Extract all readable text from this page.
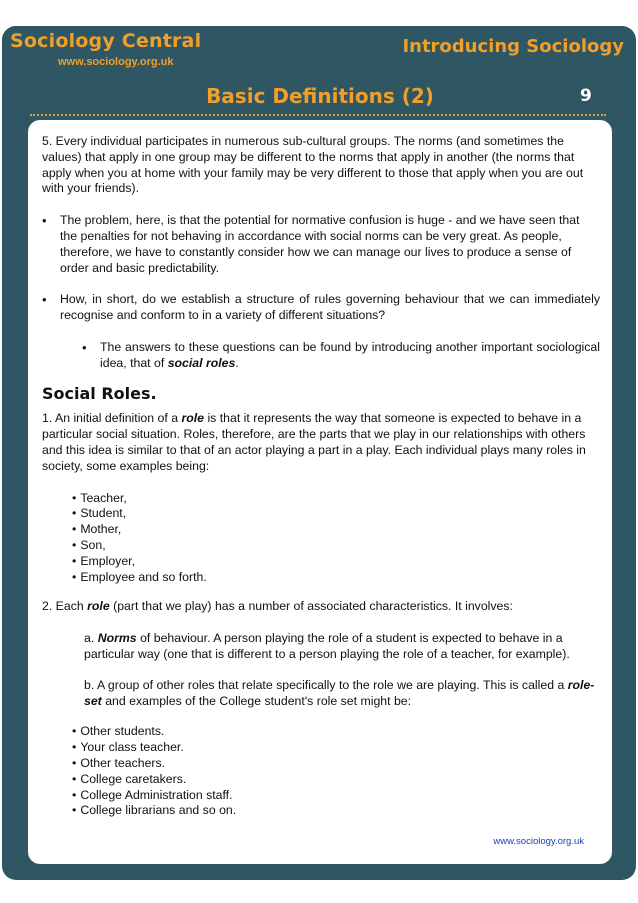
Sociology Central
www.sociology.org.uk
Introducing Sociology
Basic Definitions (2)	9

5. Every individual participates in numerous sub-cultural groups. The norms (and sometimes the values) that apply in one group may be different to the norms that apply in another (the norms that apply when you at home with your family may be very different to those that apply when you are out with your friends).

•	The problem, here, is that the potential for normative confusion is huge - and we have seen that the penalties for not behaving in accordance with social norms can be very great. As people, therefore, we have to constantly consider how we can manage our lives to produce a sense of order and basic predictability.
•	How, in short, do we establish a structure of rules governing behaviour that we can immediately recognise and conform to in a variety of different situations?
•	The answers to these questions can be found by introducing another important sociological idea, that of social roles.
Social Roles.

1. An initial definition of a role is that it represents the way that someone is expected to behave in a particular social situation. Roles, therefore, are the parts that we play in our relationships with others and this idea is similar to that of an actor playing a part in a play. Each individual plays many roles in society, some examples being:

• Teacher,
• Student,
• Mother,
• Son,
• Employer,
• Employee and so forth.

2. Each role (part that we play) has a number of associated characteristics. It involves:

a. Norms of behaviour. A person playing the role of a student is expected to behave in a particular way (one that is different to a person playing the role of a teacher, for example).

b. A group of other roles that relate specifically to the role we are playing. This is called a role-set and examples of the College student's role set might be:

• Other students.
• Your class teacher.
• Other teachers.
• College caretakers.
• College Administration staff.
• College librarians and so on.
www.sociology.org.uk
